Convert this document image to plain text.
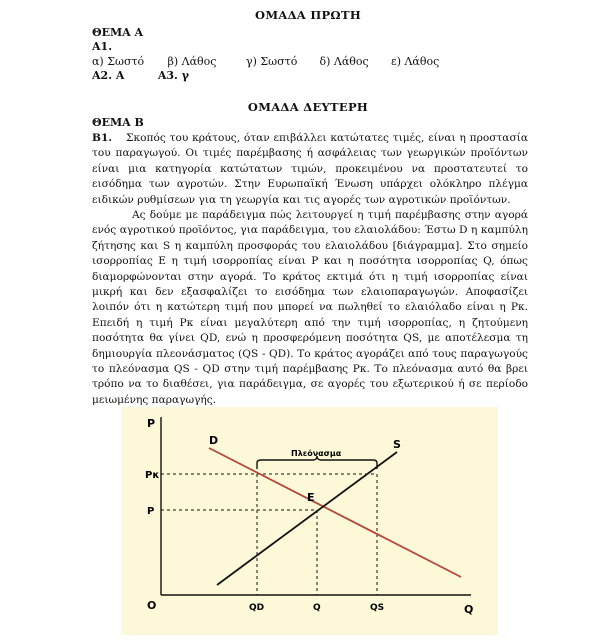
ΟΜΑΔΑ ΠΡΩΤΗ
ΘΕΜΑ Α
Α1.
α) Σωστό β) Λάθος	γ) Σωστό δ) Λάθος ε) Λάθος
Α2. Α	Α3. γ
ΟΜΑΔΑ ΔΕΥΤΕΡΗ
ΘΕΜΑ Β
Β1. Σκοπός του κράτους, όταν επιβάλλει κατώτατες τιμές, είναι η προστασία του παραγωγού. Οι τιμές παρέμβασης ή ασφάλειας των γεωργικών προϊόντων είναι μια κατηγορία κατώτατων τιμών, προκειμένου να προστατευτεί το εισόδημα των αγροτών. Στην Ευρωπαϊκή Ένωση υπάρχει ολόκληρο πλέγμα ειδικών ρυθμίσεων για τη γεωργία και τις αγορές των αγροτικών προϊόντων.
Ας δούμε με παράδειγμα πώς λειτουργεί η τιμή παρέμβασης στην αγορά ενός αγροτικού προϊόντος, για παράδειγμα, του ελαιολάδου: Έστω D η καμπύλη ζήτησης και S η καμπύλη προσφοράς του ελαιολάδου [διάγραμμα]. Στο σημείο ισορροπίας Ε η τιμή ισορροπίας είναι Ρ και η ποσότητα ισορροπίας Q, όπως διαμορφώνονται στην αγορά. Το κράτος εκτιμά ότι η τιμή ισορροπίας είναι μικρή και δεν εξασφαλίζει το εισόδημα των ελαιοπαραγωγών. Αποφασίζει λοιπόν ότι η κατώτερη τιμή που μπορεί να πωληθεί το ελαιόλαδο είναι η Ρκ. Επειδή η τιμή Ρκ είναι μεγαλύτερη από την τιμή ισορροπίας, η ζητούμενη ποσότητα θα γίνει QD, ενώ η προσφερόμενη ποσότητα QS, με αποτέλεσμα τη δημιουργία πλεονάσματος (QS - QD). Το κράτος αγοράζει από τους παραγωγούς το πλεόνασμα QS - QD στην τιμή παρέμβασης Ρκ. Το πλεόνασμα αυτό θα βρει τρόπο να το διαθέσει, για παράδειγμα, σε αγορές του εξωτερικού ή σε περίοδο μειωμένης παραγωγής.
P
Q
O
D	S
E
Πλεόνασμα
Pκ
P
QD	Q	QS
